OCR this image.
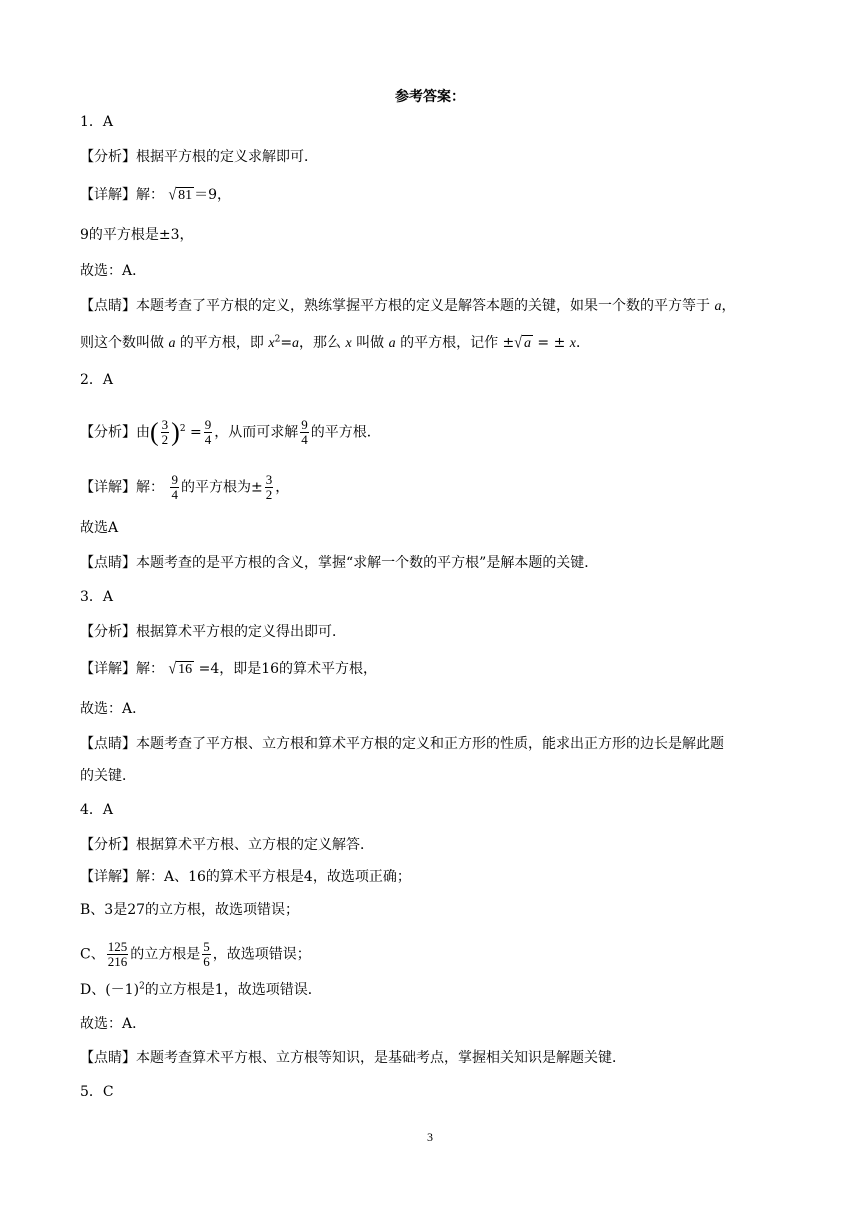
参考答案：
1．A
【分析】根据平方根的定义求解即可．
【详解】解： √ 81 ＝9，
9的平方根是±3，
故选：A．
【点睛】本题考查了平方根的定义，熟练掌握平方根的定义是解答本题的关键，如果一个数的平方等于 a，
则这个数叫做 a 的平方根，即 $x^2=a$，那么 x 叫做 a 的平方根，记作 ±√ a = ± x．
2．A
【分析】由( $\frac{3}{2} )^2 = \frac{9}{4}$ ，从而可求解 $\frac{9}{4}$ 的平方根．
【详解】解： $\frac{9}{4}$ 的平方根为± $\frac{3}{2}$ ，
故选A
【点睛】本题考查的是平方根的含义，掌握“求解一个数的平方根”是解本题的关键．
3．A
【分析】根据算术平方根的定义得出即可．
【详解】解： √ 16 =4，即是16的算术平方根，
故选：A．
【点睛】本题考查了平方根、立方根和算术平方根的定义和正方形的性质，能求出正方形的边长是解此题
的关键．
4．A
【分析】根据算术平方根、立方根的定义解答．
【详解】解：A、16的算术平方根是4，故选项正确；
B、3是27的立方根，故选项错误；
C、 $\frac{125}{216}$ 的立方根是 $\frac{5}{6}$ ，故选项错误；
D、$(-1)^2$的立方根是1，故选项错误．
故选：A．
【点睛】本题考查算术平方根、立方根等知识，是基础考点，掌握相关知识是解题关键．
5．C
3
